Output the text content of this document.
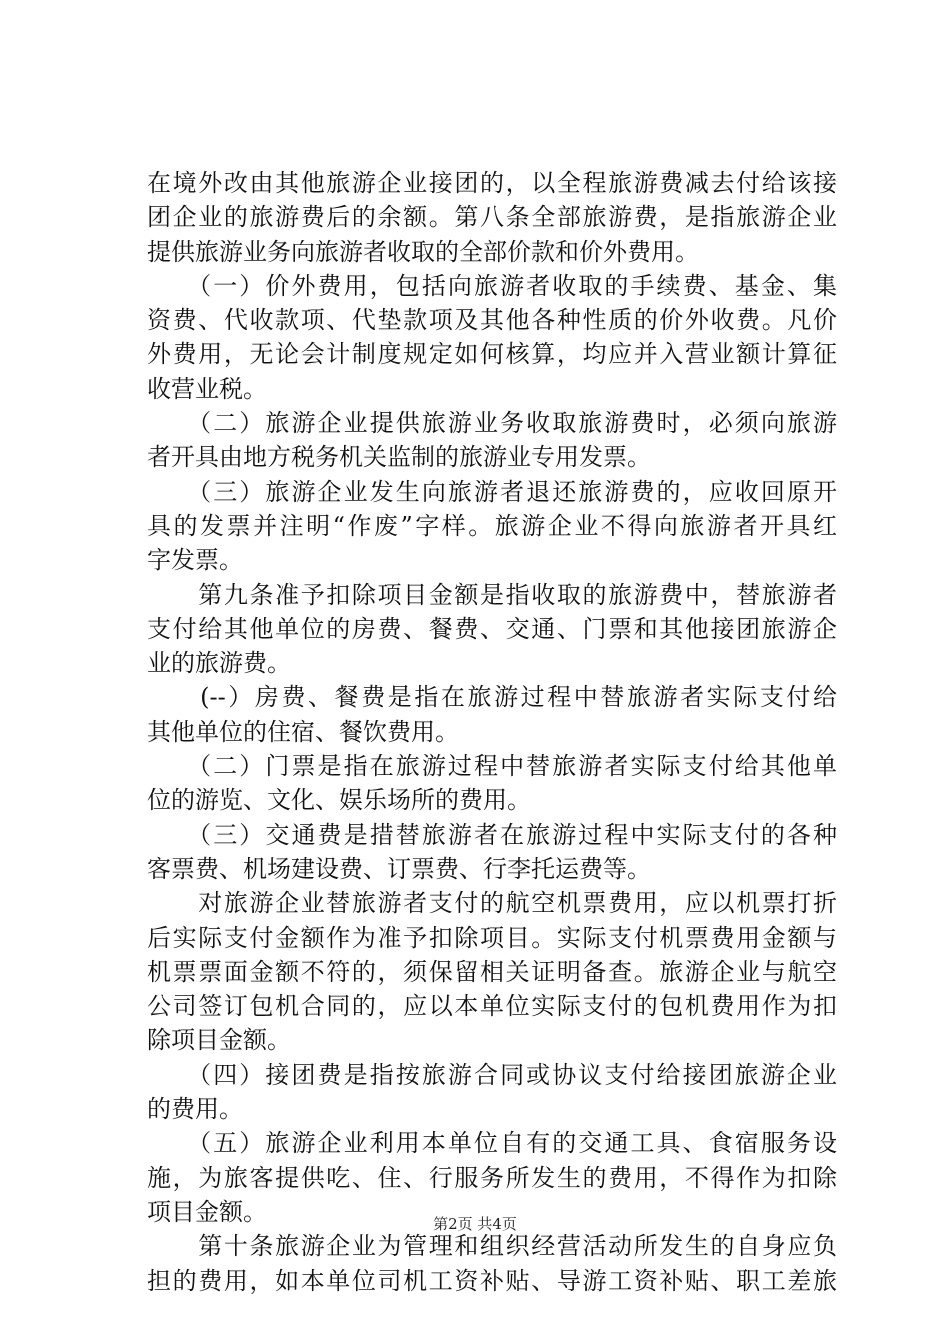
在境外改由其他旅游企业接团的，以全程旅游费减去付给该接
团企业的旅游费后的余额。第八条全部旅游费，是指旅游企业
提供旅游业务向旅游者收取的全部价款和价外费用。
　　（一）价外费用，包括向旅游者收取的手续费、基金、集
资费、代收款项、代垫款项及其他各种性质的价外收费。凡价
外费用，无论会计制度规定如何核算，均应并入营业额计算征
收营业税。
　　（二）旅游企业提供旅游业务收取旅游费时，必须向旅游
者开具由地方税务机关监制的旅游业专用发票。
　　（三）旅游企业发生向旅游者退还旅游费的，应收回原开
具的发票并注明“作废”字样。旅游企业不得向旅游者开具红
字发票。
　　第九条准予扣除项目金额是指收取的旅游费中，替旅游者
支付给其他单位的房费、餐费、交通、门票和其他接团旅游企
业的旅游费。
　　(--）房费、餐费是指在旅游过程中替旅游者实际支付给
其他单位的住宿、餐饮费用。
　　（二）门票是指在旅游过程中替旅游者实际支付给其他单
位的游览、文化、娱乐场所的费用。
　　（三）交通费是措替旅游者在旅游过程中实际支付的各种
客票费、机场建设费、订票费、行李托运费等。
　　对旅游企业替旅游者支付的航空机票费用，应以机票打折
后实际支付金额作为准予扣除项目。实际支付机票费用金额与
机票票面金额不符的，须保留相关证明备查。旅游企业与航空
公司签订包机合同的，应以本单位实际支付的包机费用作为扣
除项目金额。
　　（四）接团费是指按旅游合同或协议支付给接团旅游企业
的费用。
　　（五）旅游企业利用本单位自有的交通工具、食宿服务设
施，为旅客提供吃、住、行服务所发生的费用，不得作为扣除
项目金额。
　　第十条旅游企业为管理和组织经营活动所发生的自身应负
担的费用，如本单位司机工资补贴、导游工资补贴、职工差旅
第2页 共4页
